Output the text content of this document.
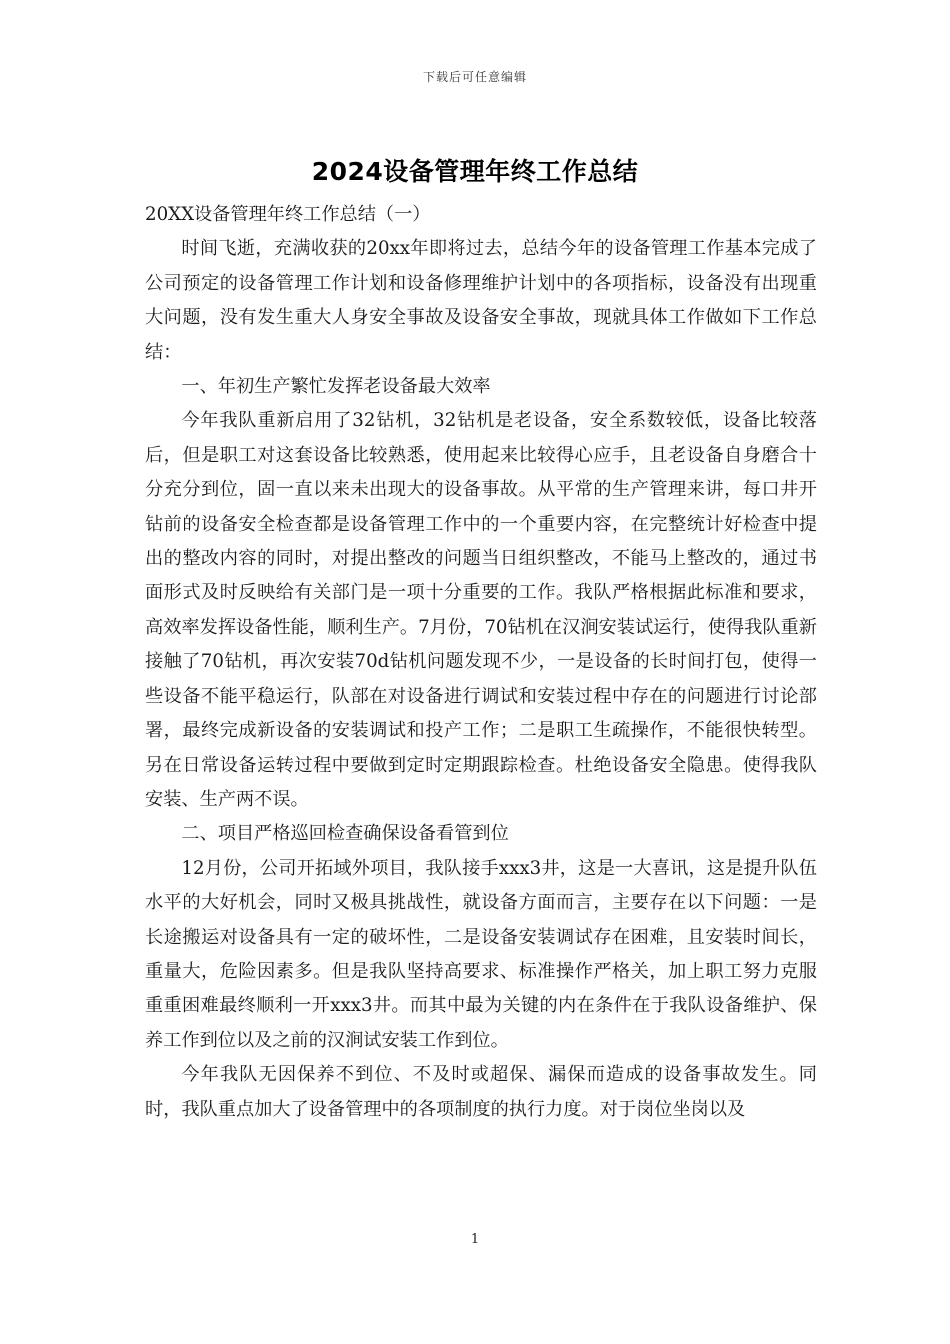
下载后可任意编辑
2024设备管理年终工作总结

20XX设备管理年终工作总结（一）

时间飞逝，充满收获的20xx年即将过去，总结今年的设备管理工作基本完成了公司预定的设备管理工作计划和设备修理维护计划中的各项指标，设备没有出现重大问题，没有发生重大人身安全事故及设备安全事故，现就具体工作做如下工作总结：

一、年初生产繁忙发挥老设备最大效率

今年我队重新启用了32钻机，32钻机是老设备，安全系数较低，设备比较落后，但是职工对这套设备比较熟悉，使用起来比较得心应手，且老设备自身磨合十分充分到位，固一直以来未出现大的设备事故。从平常的生产管理来讲，每口井开钻前的设备安全检查都是设备管理工作中的一个重要内容，在完整统计好检查中提出的整改内容的同时，对提出整改的问题当日组织整改，不能马上整改的，通过书面形式及时反映给有关部门是一项十分重要的工作。我队严格根据此标准和要求，高效率发挥设备性能，顺利生产。7月份，70钻机在汉涧安装试运行，使得我队重新接触了70钻机，再次安装70d钻机问题发现不少，一是设备的长时间打包，使得一些设备不能平稳运行，队部在对设备进行调试和安装过程中存在的问题进行讨论部署，最终完成新设备的安装调试和投产工作；二是职工生疏操作，不能很快转型。另在日常设备运转过程中要做到定时定期跟踪检查。杜绝设备安全隐患。使得我队安装、生产两不误。

二、项目严格巡回检查确保设备看管到位

12月份，公司开拓域外项目，我队接手xxx3井，这是一大喜讯，这是提升队伍水平的大好机会，同时又极具挑战性，就设备方面而言，主要存在以下问题：一是长途搬运对设备具有一定的破坏性，二是设备安装调试存在困难，且安装时间长，重量大，危险因素多。但是我队坚持高要求、标准操作严格关，加上职工努力克服重重困难最终顺利一开xxx3井。而其中最为关键的内在条件在于我队设备维护、保养工作到位以及之前的汉涧试安装工作到位。

今年我队无因保养不到位、不及时或超保、漏保而造成的设备事故发生。同时，我队重点加大了设备管理中的各项制度的执行力度。对于岗位坐岗以及

1
